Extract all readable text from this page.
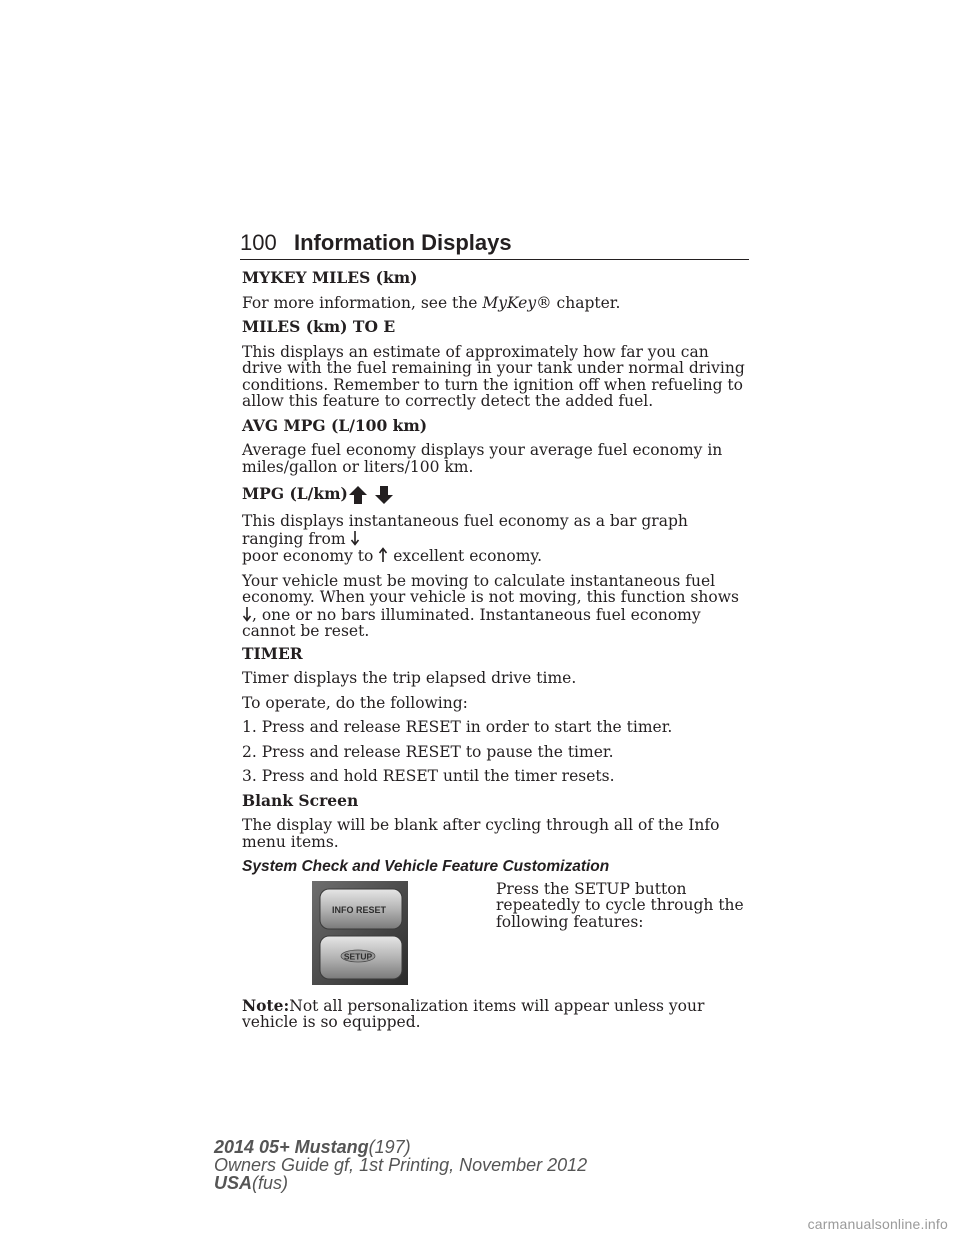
100 Information Displays

MYKEY MILES (km)

For more information, see the MyKey® chapter.

MILES (km) TO E

This displays an estimate of approximately how far you can drive with the fuel remaining in your tank under normal driving conditions. Remember to turn the ignition off when refueling to allow this feature to correctly detect the added fuel.

AVG MPG (L/100 km)

Average fuel economy displays your average fuel economy in miles/gallon or liters/100 km.

MPG (L/km)

This displays instantaneous fuel economy as a bar graph ranging from
poor economy to  excellent economy.

Your vehicle must be moving to calculate instantaneous fuel economy. When your vehicle is not moving, this function shows , one or no bars illuminated. Instantaneous fuel economy cannot be reset.

TIMER

Timer displays the trip elapsed drive time.

To operate, do the following:

1. Press and release RESET in order to start the timer.

2. Press and release RESET to pause the timer.

3. Press and hold RESET until the timer resets.

Blank Screen

The display will be blank after cycling through all of the Info menu items.

System Check and Vehicle Feature Customization

INFO RESET
SETUP

Press the SETUP button repeatedly to cycle through the following features:

Note:Not all personalization items will appear unless your vehicle is so equipped.

2014 05+ Mustang(197)
Owners Guide gf, 1st Printing, November 2012
USA(fus)
carmanualsonline.info
